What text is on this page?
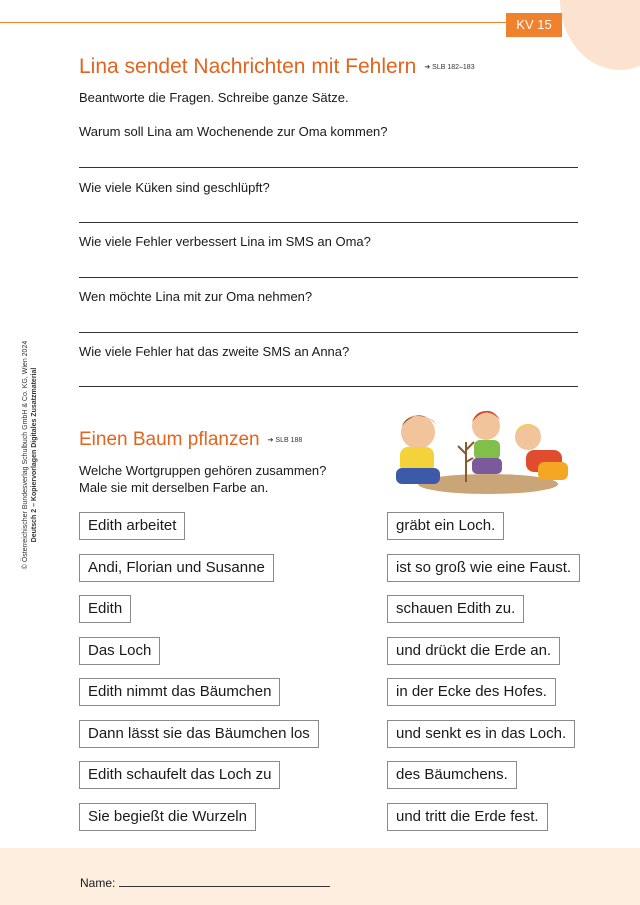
KV 15
© Österreichischer Bundesverlag Schulbuch GmbH & Co. KG, Wien 2024 Deutsch 2 – Kopiervorlagen Digitales Zusatzmaterial
Lina sendet Nachrichten mit Fehlern ➔ SLB 182–183
Beantworte die Fragen. Schreibe ganze Sätze.
Warum soll Lina am Wochenende zur Oma kommen?
Wie viele Küken sind geschlüpft?
Wie viele Fehler verbessert Lina im SMS an Oma?
Wen möchte Lina mit zur Oma nehmen?
Wie viele Fehler hat das zweite SMS an Anna?
Einen Baum pflanzen ➔ SLB 188
Welche Wortgruppen gehören zusammen?
Male sie mit derselben Farbe an.
Edith arbeitet
Andi, Florian und Susanne
Edith
Das Loch
Edith nimmt das Bäumchen
Dann lässt sie das Bäumchen los
Edith schaufelt das Loch zu
Sie begießt die Wurzeln
gräbt ein Loch.
ist so groß wie eine Faust.
schauen Edith zu.
und drückt die Erde an.
in der Ecke des Hofes.
und senkt es in das Loch.
des Bäumchens.
und tritt die Erde fest.
Name:
